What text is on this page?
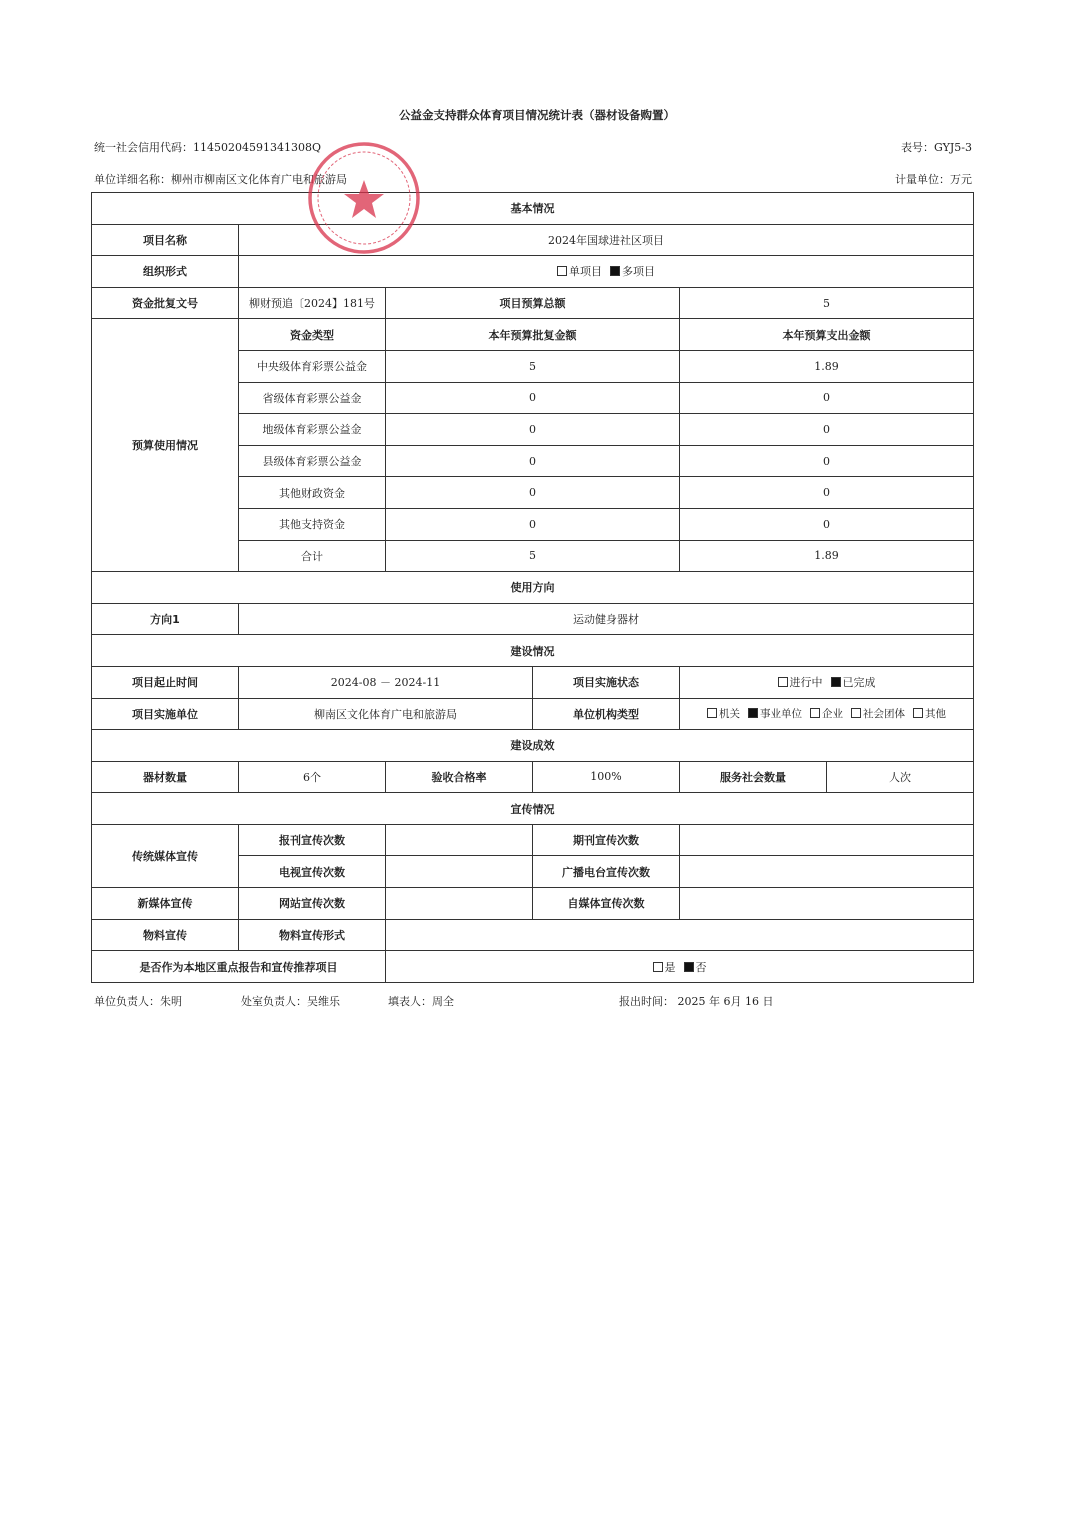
公益金支持群众体育项目情况统计表（器材设备购置）
统一社会信用代码：11450204591341308Q	表号：GYJ5-3
单位详细名称：柳州市柳南区文化体育广电和旅游局	计量单位：万元
基本情况					
项目名称	2024年国球进社区项目				
组织形式	单项目 多项目				
资金批复文号	柳财预追〔2024】181号	项目预算总额		5	
预算使用情况	资金类型	本年预算批复金额		本年预算支出金额	
	中央级体育彩票公益金	5		1.89	
	省级体育彩票公益金	0		0	
	地级体育彩票公益金	0		0	
	县级体育彩票公益金	0		0	
	其他财政资金	0		0	
	其他支持资金	0		0	
	合计	5		1.89	
使用方向					
方向1	运动健身器材				
建设情况					
项目起止时间	2024-08 － 2024-11		项目实施状态	进行中 已完成	
项目实施单位	柳南区文化体育广电和旅游局		单位机构类型	机关 事业单位 企业 社会团体 其他	
建设成效					
器材数量	6个	验收合格率	100%	服务社会数量	人次
宣传情况					
传统媒体宣传	报刊宣传次数		期刊宣传次数		
	电视宣传次数		广播电台宣传次数		
新媒体宣传	网站宣传次数		自媒体宣传次数		
物料宣传	物料宣传形式				
是否作为本地区重点报告和宣传推荐项目		是 否			
单位负责人：朱明	处室负责人：吴维乐	填表人：周全	报出时间： 2025 年 6月 16 日
